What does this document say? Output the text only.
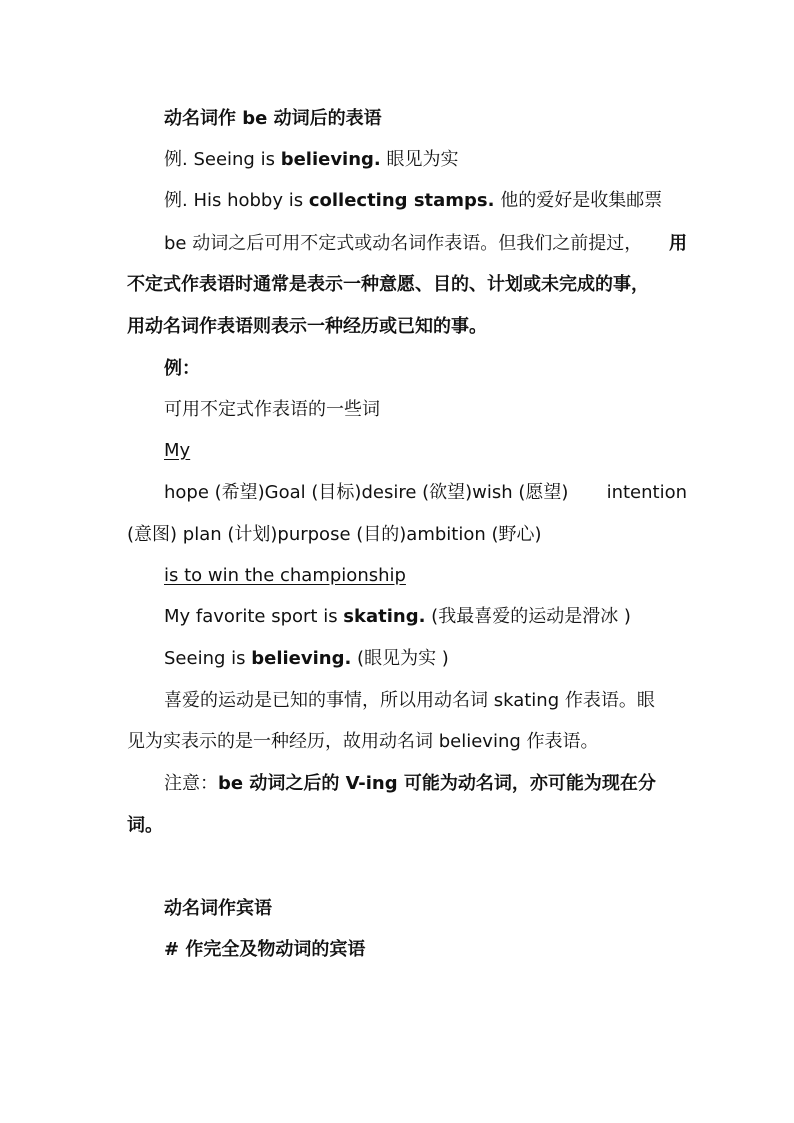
动名词作 be 动词后的表语
例. Seeing is believing. 眼见为实
例. His hobby is collecting stamps. 他的爱好是收集邮票
be 动词之后可用不定式或动名词作表语。但我们之前提过， 用
不定式作表语时通常是表示一种意愿、目的、计划或未完成的事，
用动名词作表语则表示一种经历或已知的事。
例：
可用不定式作表语的一些词
My
hope (希望)Goal (目标)desire (欲望)wish (愿望) intention
(意图) plan (计划)purpose (目的)ambition (野心)
is to win the championship
My favorite sport is skating. (我最喜爱的运动是滑冰 )
Seeing is believing. (眼见为实 )
喜爱的运动是已知的事情，所以用动名词 skating 作表语。眼
见为实表示的是一种经历，故用动名词 believing 作表语。
注意：be 动词之后的 V-ing 可能为动名词，亦可能为现在分
词。
动名词作宾语
# 作完全及物动词的宾语
